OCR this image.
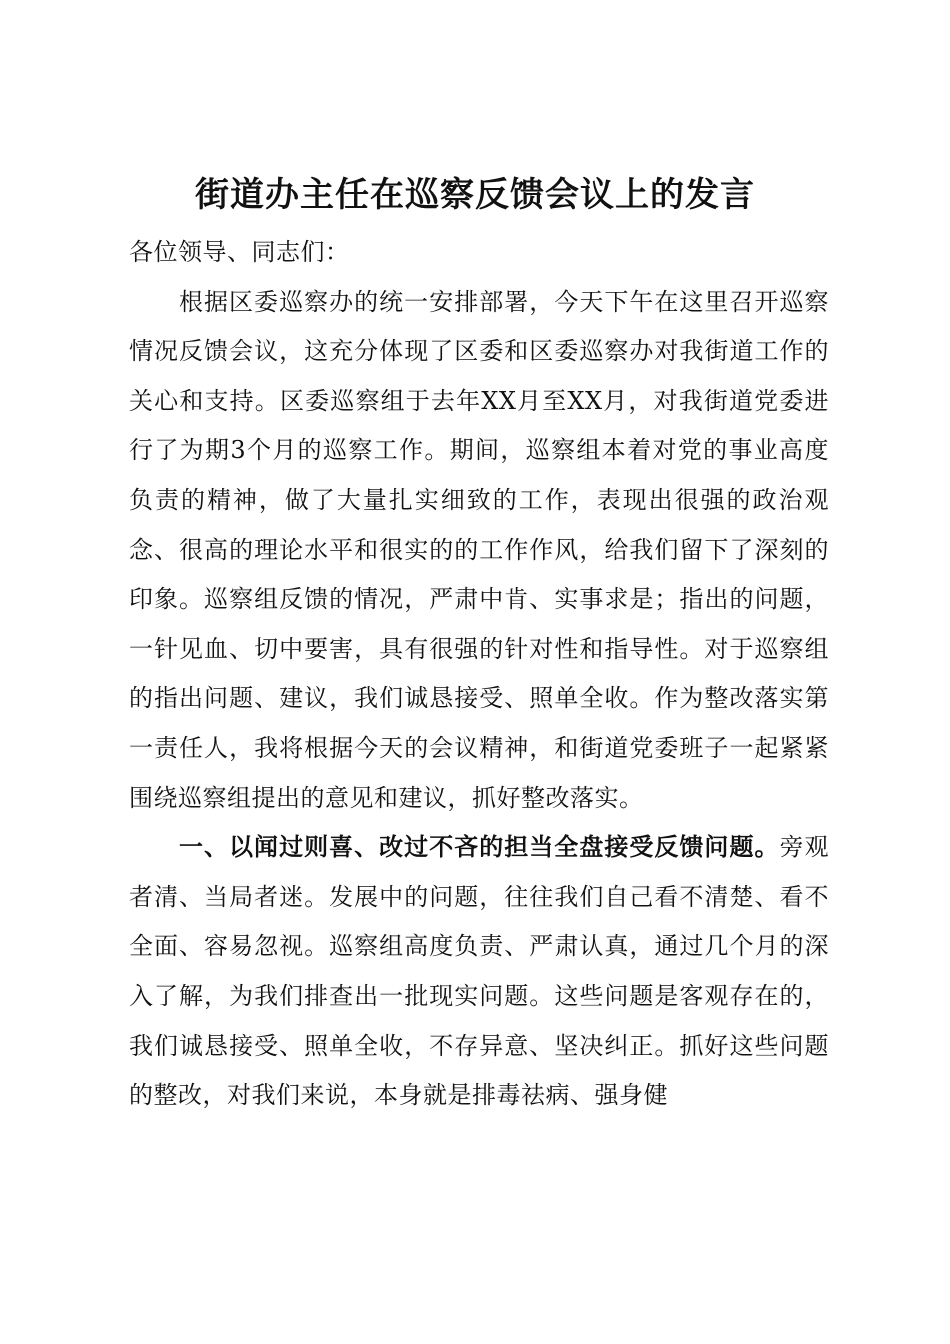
街道办主任在巡察反馈会议上的发言

各位领导、同志们：

根据区委巡察办的统一安排部署，今天下午在这里召开巡察情况反馈会议，这充分体现了区委和区委巡察办对我街道工作的关心和支持。区委巡察组于去年XX月至XX月，对我街道党委进行了为期3个月的巡察工作。期间，巡察组本着对党的事业高度负责的精神，做了大量扎实细致的工作，表现出很强的政治观念、很高的理论水平和很实的的工作作风，给我们留下了深刻的印象。巡察组反馈的情况，严肃中肯、实事求是；指出的问题，一针见血、切中要害，具有很强的针对性和指导性。对于巡察组的指出问题、建议，我们诚恳接受、照单全收。作为整改落实第一责任人，我将根据今天的会议精神，和街道党委班子一起紧紧围绕巡察组提出的意见和建议，抓好整改落实。

一、以闻过则喜、改过不吝的担当全盘接受反馈问题。旁观者清、当局者迷。发展中的问题，往往我们自己看不清楚、看不全面、容易忽视。巡察组高度负责、严肃认真，通过几个月的深入了解，为我们排查出一批现实问题。这些问题是客观存在的，我们诚恳接受、照单全收，不存异意、坚决纠正。抓好这些问题的整改，对我们来说，本身就是排毒祛病、强身健
